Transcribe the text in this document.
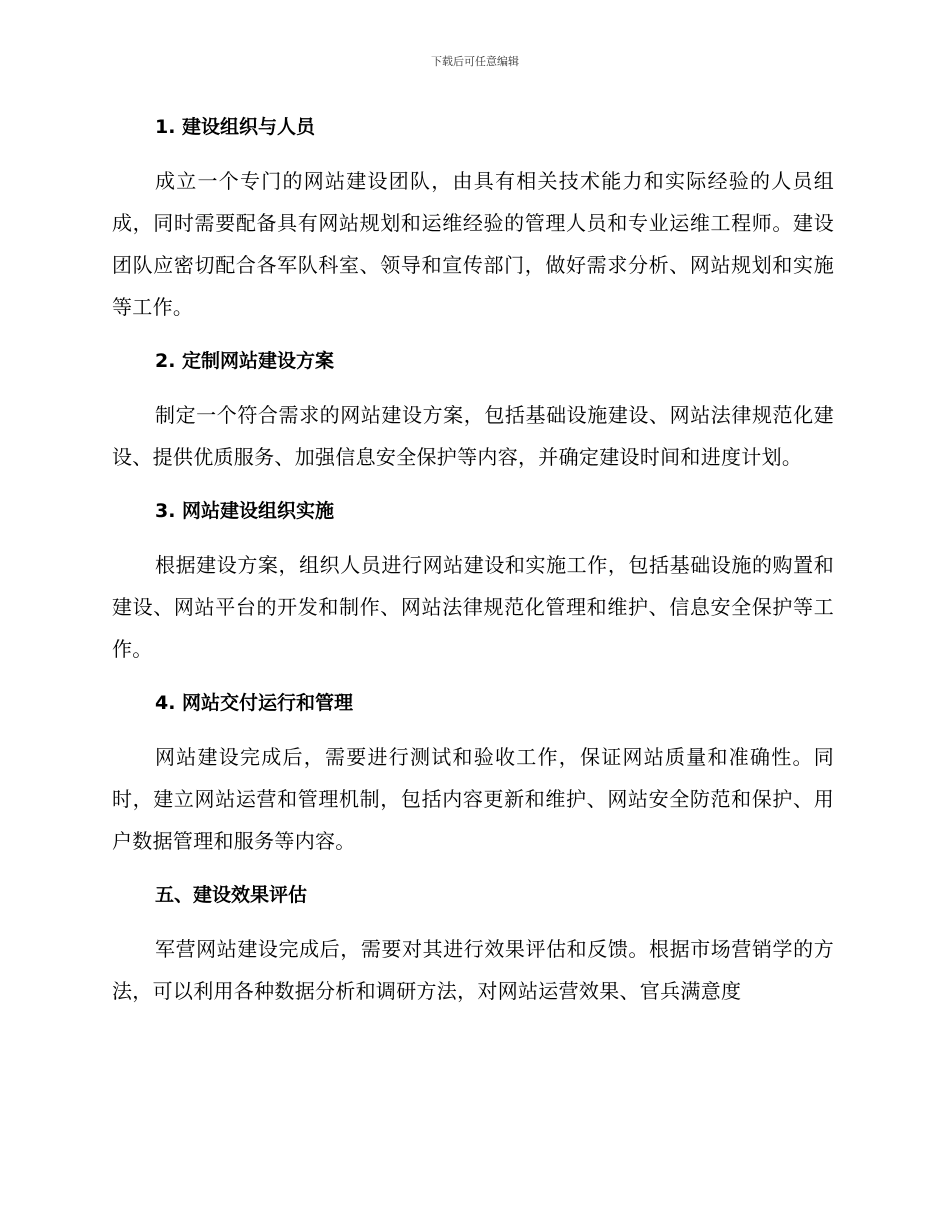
下载后可任意编辑
1. 建设组织与人员

成立一个专门的网站建设团队，由具有相关技术能力和实际经验的人员组成，同时需要配备具有网站规划和运维经验的管理人员和专业运维工程师。建设团队应密切配合各军队科室、领导和宣传部门，做好需求分析、网站规划和实施等工作。

2. 定制网站建设方案

制定一个符合需求的网站建设方案，包括基础设施建设、网站法律规范化建设、提供优质服务、加强信息安全保护等内容，并确定建设时间和进度计划。

3. 网站建设组织实施

根据建设方案，组织人员进行网站建设和实施工作，包括基础设施的购置和建设、网站平台的开发和制作、网站法律规范化管理和维护、信息安全保护等工作。

4. 网站交付运行和管理

网站建设完成后，需要进行测试和验收工作，保证网站质量和准确性。同时，建立网站运营和管理机制，包括内容更新和维护、网站安全防范和保护、用户数据管理和服务等内容。

五、建设效果评估

军营网站建设完成后，需要对其进行效果评估和反馈。根据市场营销学的方法，可以利用各种数据分析和调研方法，对网站运营效果、官兵满意度
